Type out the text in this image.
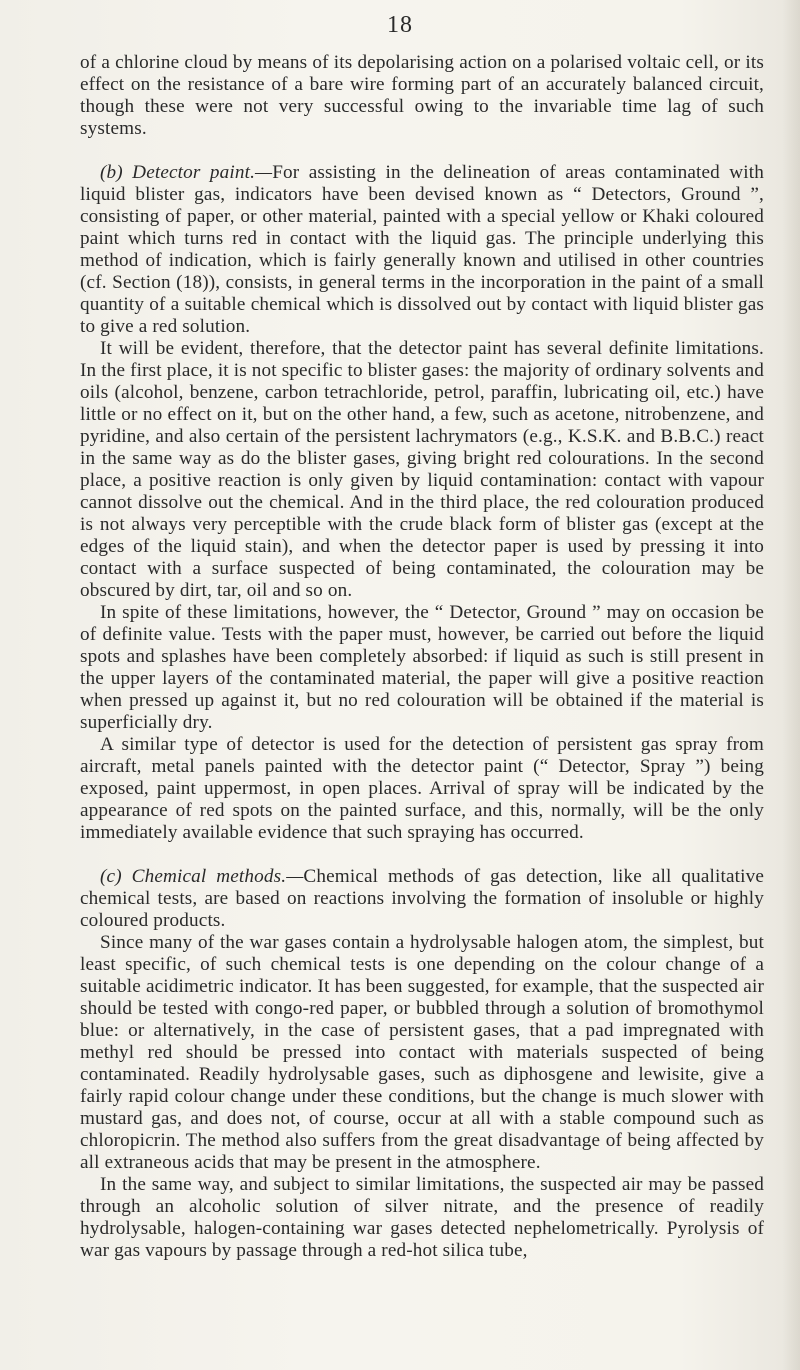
18

of a chlorine cloud by means of its depolarising action on a polarised voltaic cell, or its effect on the resistance of a bare wire forming part of an accurately balanced circuit, though these were not very successful owing to the invariable time lag of such systems.

(b) Detector paint.—For assisting in the delineation of areas contaminated with liquid blister gas, indicators have been devised known as “ Detectors, Ground ”, consisting of paper, or other material, painted with a special yellow or Khaki coloured paint which turns red in contact with the liquid gas. The principle underlying this method of indication, which is fairly generally known and utilised in other countries (cf. Section (18)), consists, in general terms in the incorporation in the paint of a small quantity of a suitable chemical which is dissolved out by contact with liquid blister gas to give a red solution.

It will be evident, therefore, that the detector paint has several definite limitations. In the first place, it is not specific to blister gases: the majority of ordinary solvents and oils (alcohol, benzene, carbon tetrachloride, petrol, paraffin, lubricating oil, etc.) have little or no effect on it, but on the other hand, a few, such as acetone, nitrobenzene, and pyridine, and also certain of the persistent lachrymators (e.g., K.S.K. and B.B.C.) react in the same way as do the blister gases, giving bright red colourations. In the second place, a positive reaction is only given by liquid contamination: contact with vapour cannot dissolve out the chemical. And in the third place, the red colouration produced is not always very perceptible with the crude black form of blister gas (except at the edges of the liquid stain), and when the detector paper is used by pressing it into contact with a surface suspected of being contaminated, the colouration may be obscured by dirt, tar, oil and so on.

In spite of these limitations, however, the “ Detector, Ground ” may on occasion be of definite value. Tests with the paper must, however, be carried out before the liquid spots and splashes have been completely absorbed: if liquid as such is still present in the upper layers of the contaminated material, the paper will give a positive reaction when pressed up against it, but no red colouration will be obtained if the material is superficially dry.

A similar type of detector is used for the detection of persistent gas spray from aircraft, metal panels painted with the detector paint (“ Detector, Spray ”) being exposed, paint uppermost, in open places. Arrival of spray will be indicated by the appearance of red spots on the painted surface, and this, normally, will be the only immediately available evidence that such spraying has occurred.

(c) Chemical methods.—Chemical methods of gas detection, like all qualitative chemical tests, are based on reactions involving the formation of insoluble or highly coloured products.

Since many of the war gases contain a hydrolysable halogen atom, the simplest, but least specific, of such chemical tests is one depending on the colour change of a suitable acidimetric indicator. It has been suggested, for example, that the suspected air should be tested with congo-red paper, or bubbled through a solution of bromothymol blue: or alternatively, in the case of persistent gases, that a pad impregnated with methyl red should be pressed into contact with materials suspected of being contaminated. Readily hydrolysable gases, such as diphosgene and lewisite, give a fairly rapid colour change under these conditions, but the change is much slower with mustard gas, and does not, of course, occur at all with a stable compound such as chloropicrin. The method also suffers from the great disadvantage of being affected by all extraneous acids that may be present in the atmosphere.

In the same way, and subject to similar limitations, the suspected air may be passed through an alcoholic solution of silver nitrate, and the presence of readily hydrolysable, halogen-containing war gases detected nephelometrically. Pyrolysis of war gas vapours by passage through a red-hot silica tube,
